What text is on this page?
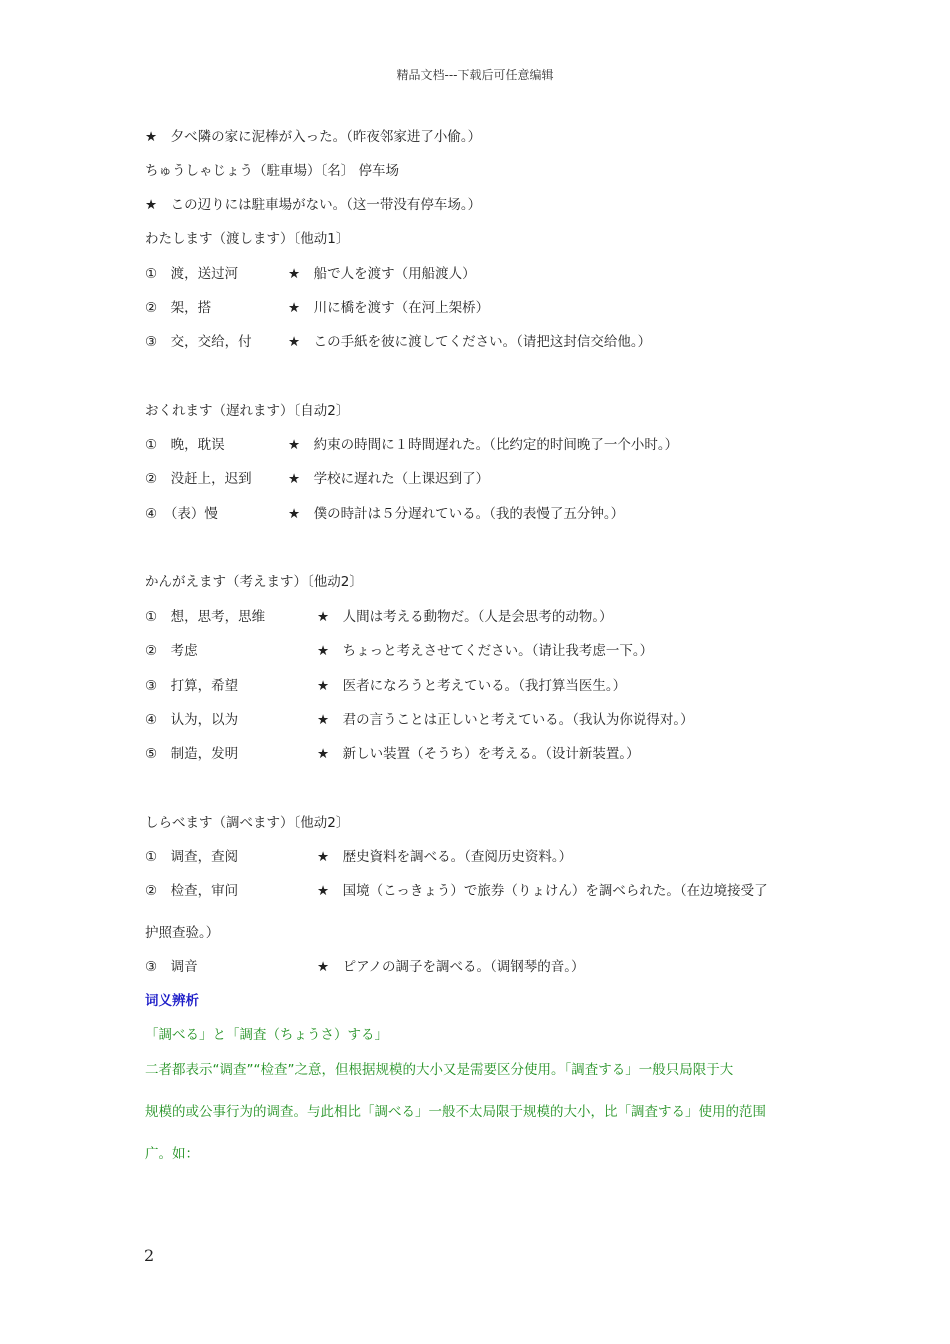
精品文档---下载后可任意编辑
★　夕べ隣の家に泥棒が入った。（昨夜邻家进了小偷。）
ちゅうしゃじょう（駐車場）〔名〕 停车场
★　この辺りには駐車場がない。（这一带没有停车场。）
わたします（渡します）〔他动1〕
①　渡，送过河	★　船で人を渡す（用船渡人）
②　架，搭	★　川に橋を渡す（在河上架桥）
③　交，交给，付	★　この手紙を彼に渡してください。（请把这封信交给他。）
おくれます（遅れます）〔自动2〕
①　晚，耽误	★　約束の時間に１時間遅れた。（比约定的时间晚了一个小时。）
②　没赶上，迟到	★　学校に遅れた（上课迟到了）
④　（表）慢	★　僕の時計は５分遅れている。（我的表慢了五分钟。）
かんがえます（考えます）〔他动2〕
①　想，思考，思维	★　人間は考える動物だ。（人是会思考的动物。）
②　考虑	★　ちょっと考えさせてください。（请让我考虑一下。）
③　打算，希望	★　医者になろうと考えている。（我打算当医生。）
④　认为，以为	★　君の言うことは正しいと考えている。（我认为你说得对。）
⑤　制造，发明	★　新しい装置（そうち）を考える。（设计新装置。）
しらべます（調べます）〔他动2〕
①　调查，查阅	★　歴史資料を調べる。（查阅历史资料。）
②　检查，审问	★　国境（こっきょう）で旅券（りょけん）を調べられた。（在边境接受了
护照查验。）
③　调音	★　ピアノの調子を調べる。（调钢琴的音。）
词义辨析
「調べる」と「調査（ちょうさ）する」
二者都表示“调查”“检查”之意，但根据规模的大小又是需要区分使用。「調査する」一般只局限于大
规模的或公事行为的调查。与此相比「調べる」一般不太局限于规模的大小，比「調査する」使用的范围
广。如：
2
